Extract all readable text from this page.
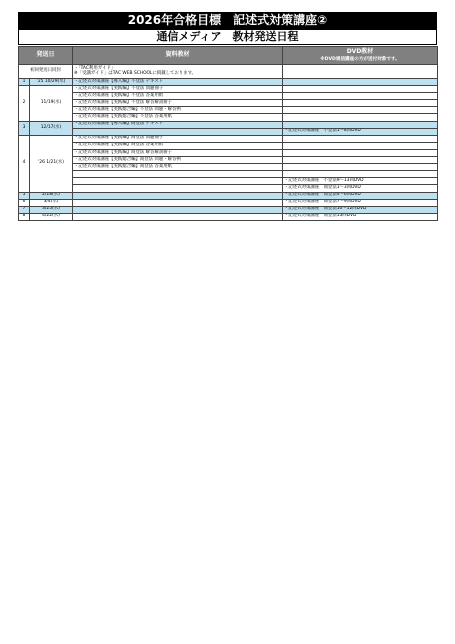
2026年合格目標　記述式対策講座②
通信メディア　教材発送日程
発送日		資料教材	DVD教材
※DVD通信講座の方が送付対象です。

初回発送日同封		・「TAC利用ガイド」
※「受講ガイド」はTAC WEB SCHOOLに掲載しております。	

1	'25 10/29(水)	・記述式対策講座【導入編】不登法 テキスト	
2	11/19(水)	・記述式対策講座【実践編】不登法 問題冊子	
		・記述式対策講座【実践編】不登法 答案用紙	
		・記述式対策講座【実践編】不登法 解答解説冊子	
		・記述式対策講座【実践総合編】不登法 問題・解答例	
		・記述式対策講座【実践総合編】不登法 答案用紙	
3	12/17(水)	・記述式対策講座【導入編】商登法 テキスト	
			・記述式対策講座　不登法1〜8回DVD
4	'26 1/21(水)	・記述式対策講座【実践編】商登法 問題冊子	
		・記述式対策講座【実践編】商登法 答案用紙	
		・記述式対策講座【実践編】商登法 解答解説冊子	
		・記述式対策講座【実践総合編】商登法 問題・解答例	
		・記述式対策講座【実践総合編】商登法 答案用紙	

			・記述式対策講座　不登法9〜13回DVD
			・記述式対策講座　商登法1〜3回DVD
5	2/18(水)		・記述式対策講座　商登法4〜6回DVD
6	3/4(水)		・記述式対策講座　商登法7〜9回DVD
7	3/25(水)		・記述式対策講座　商登法10〜12回DVD
8	4/22(水)		・記述式対策講座　商登法13回DVD
